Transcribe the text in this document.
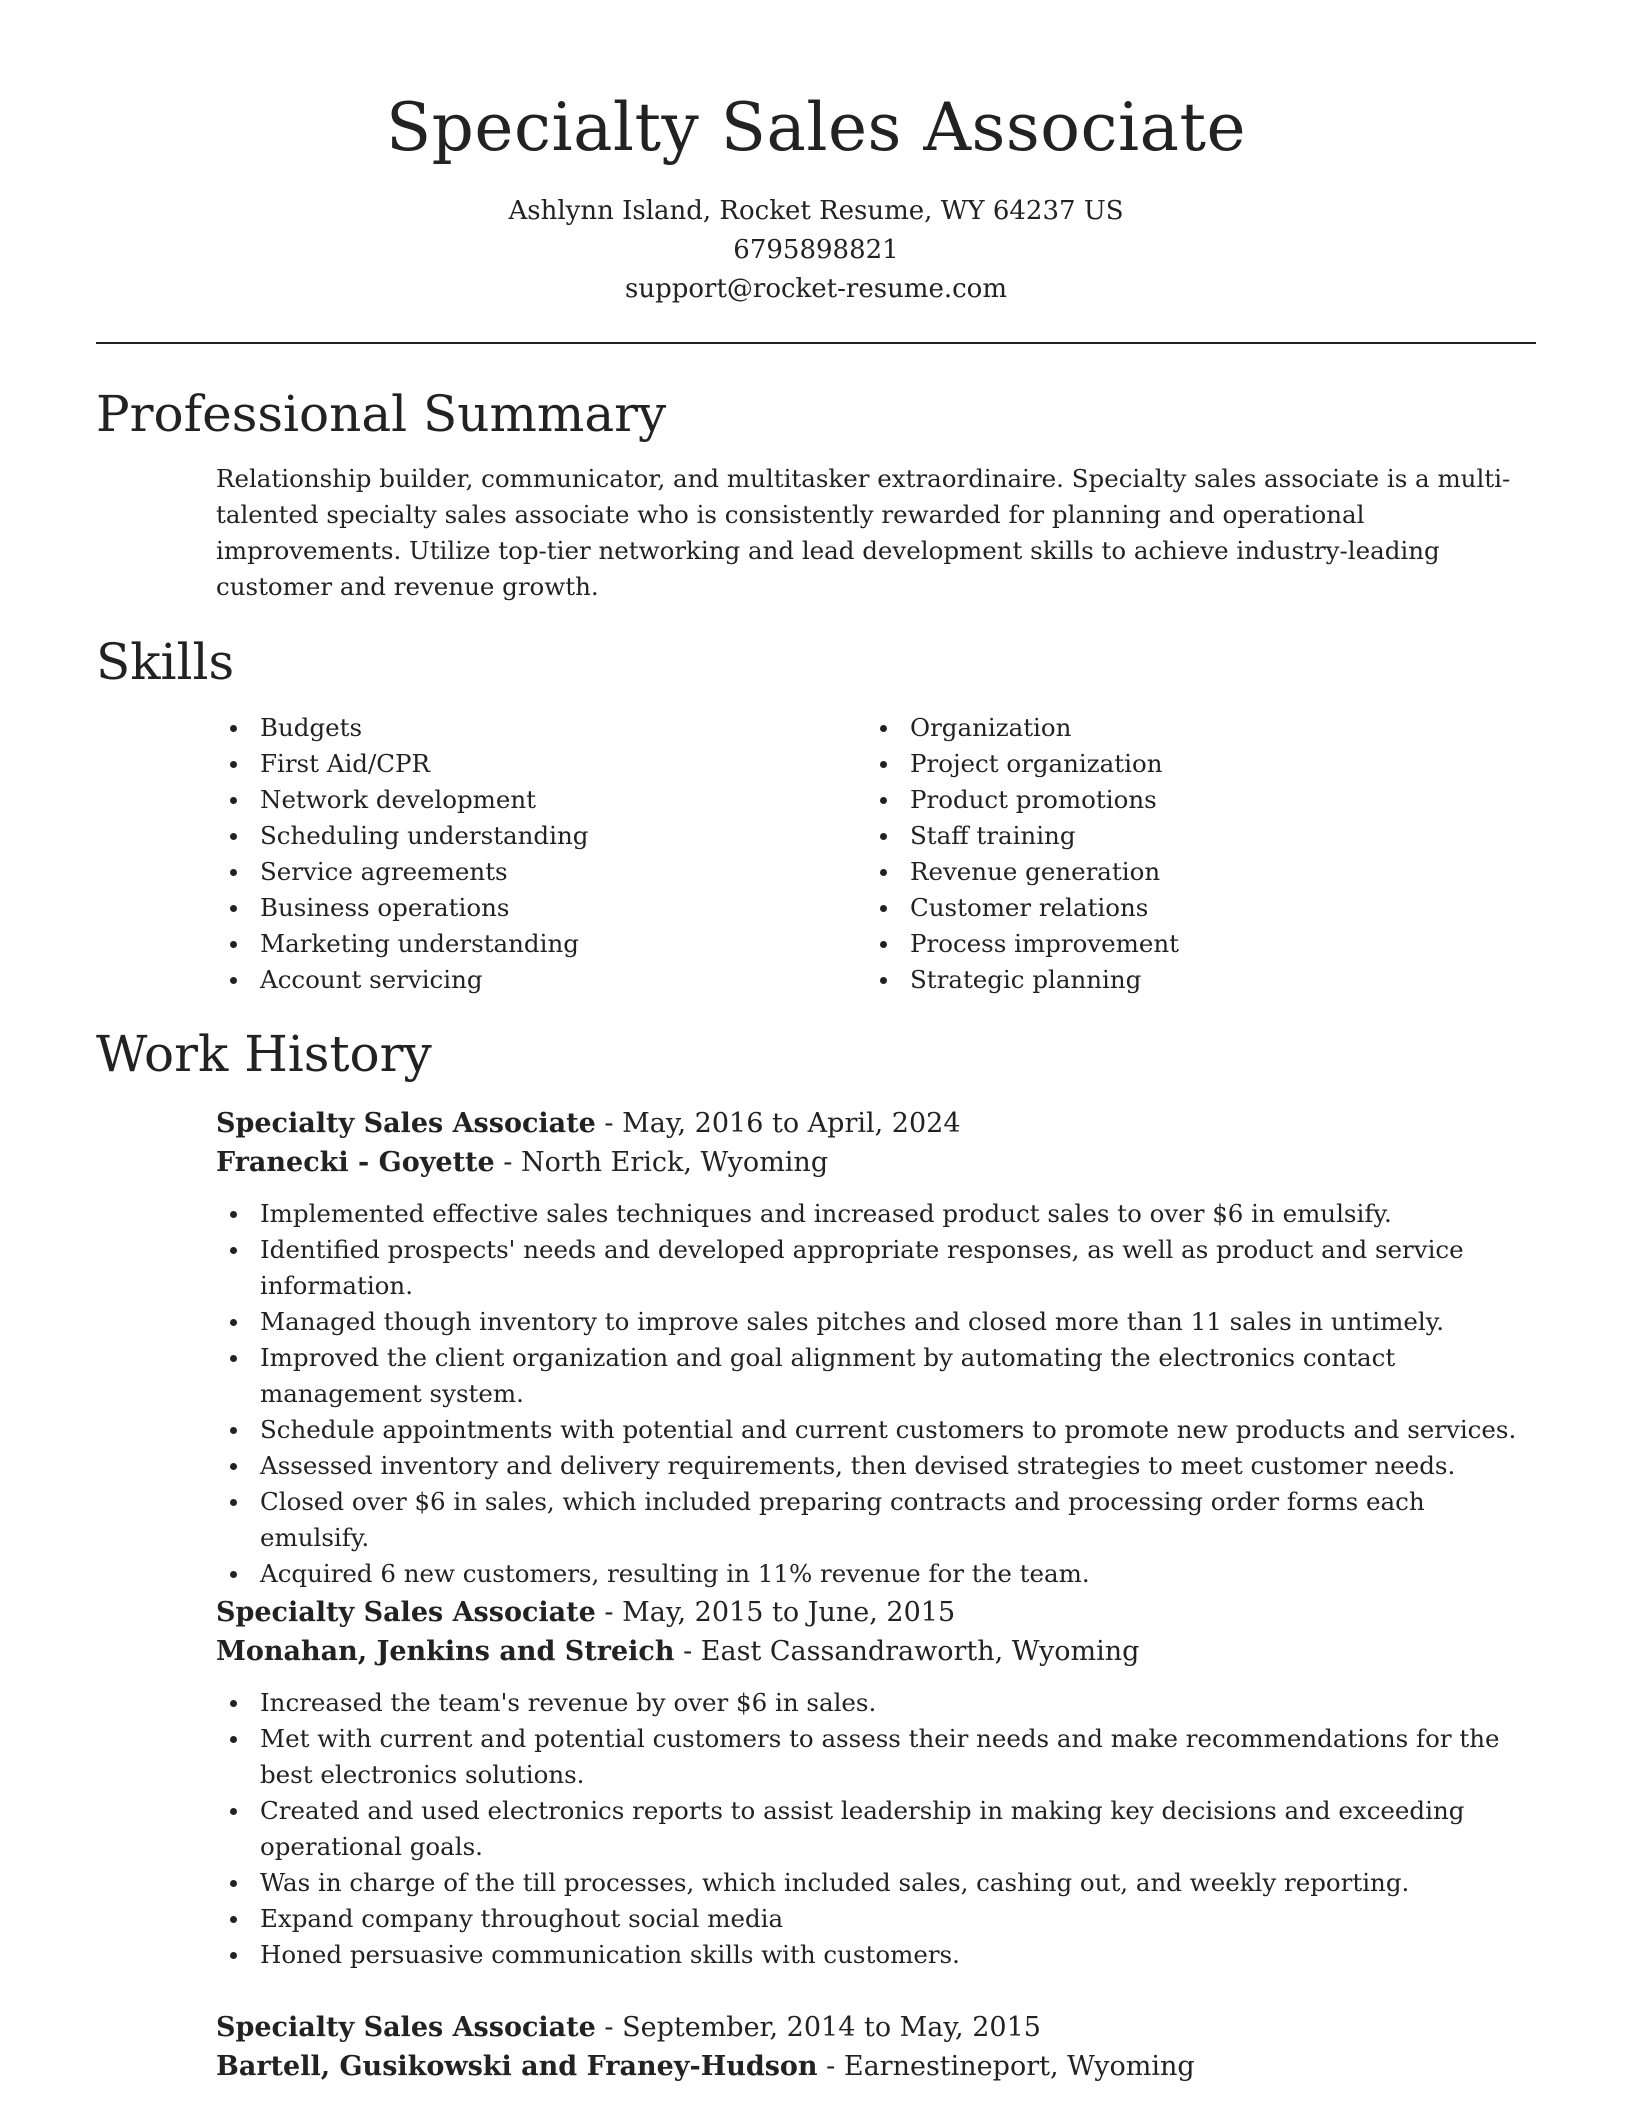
Specialty Sales Associate
Ashlynn Island, Rocket Resume, WY 64237 US
6795898821
support@rocket-resume.com
Professional Summary

Relationship builder, communicator, and multitasker extraordinaire. Specialty sales associate is a multi-talented specialty sales associate who is consistently rewarded for planning and operational improvements. Utilize top-tier networking and lead development skills to achieve industry-leading customer and revenue growth.

Skills
Budgets
First Aid/CPR
Network development
Scheduling understanding
Service agreements
Business operations
Marketing understanding
Account servicing
Organization
Project organization
Product promotions
Staff training
Revenue generation
Customer relations
Process improvement
Strategic planning
Work History
Specialty Sales Associate - May, 2016 to April, 2024
Franecki - Goyette - North Erick, Wyoming
Implemented effective sales techniques and increased product sales to over $6 in emulsify.
Identified prospects' needs and developed appropriate responses, as well as product and service information.
Managed though inventory to improve sales pitches and closed more than 11 sales in untimely.
Improved the client organization and goal alignment by automating the electronics contact management system.
Schedule appointments with potential and current customers to promote new products and services.
Assessed inventory and delivery requirements, then devised strategies to meet customer needs.
Closed over $6 in sales, which included preparing contracts and processing order forms each emulsify.
Acquired 6 new customers, resulting in 11% revenue for the team.
Specialty Sales Associate - May, 2015 to June, 2015
Monahan, Jenkins and Streich - East Cassandraworth, Wyoming
Increased the team's revenue by over $6 in sales.
Met with current and potential customers to assess their needs and make recommendations for the best electronics solutions.
Created and used electronics reports to assist leadership in making key decisions and exceeding operational goals.
Was in charge of the till processes, which included sales, cashing out, and weekly reporting.
Expand company throughout social media
Honed persuasive communication skills with customers.
Specialty Sales Associate - September, 2014 to May, 2015
Bartell, Gusikowski and Franey-Hudson - Earnestineport, Wyoming
